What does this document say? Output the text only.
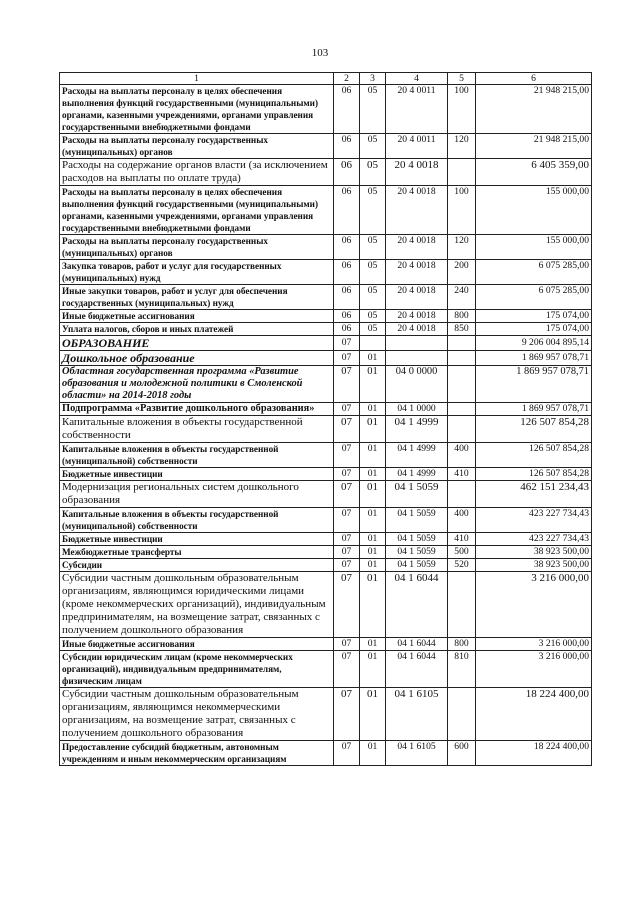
103
1	2	3	4	5	6
Расходы на выплаты персоналу в целях обеспечения выполнения функций государственными (муниципальными) органами, казенными учреждениями, органами управления государственными внебюджетными фондами	06	05	20 4 0011	100	21 948 215,00
Расходы на выплаты персоналу государственных (муниципальных) органов	06	05	20 4 0011	120	21 948 215,00
Расходы на содержание органов власти (за исключением расходов на выплаты по оплате труда)	06	05	20 4 0018		6 405 359,00
Расходы на выплаты персоналу в целях обеспечения выполнения функций государственными (муниципальными) органами, казенными учреждениями, органами управления государственными внебюджетными фондами	06	05	20 4 0018	100	155 000,00
Расходы на выплаты персоналу государственных (муниципальных) органов	06	05	20 4 0018	120	155 000,00
Закупка товаров, работ и услуг для государственных (муниципальных) нужд	06	05	20 4 0018	200	6 075 285,00
Иные закупки товаров, работ и услуг для обеспечения государственных (муниципальных) нужд	06	05	20 4 0018	240	6 075 285,00
Иные бюджетные ассигнования	06	05	20 4 0018	800	175 074,00
Уплата налогов, сборов и иных платежей	06	05	20 4 0018	850	175 074,00
ОБРАЗОВАНИЕ	07				9 206 004 895,14
Дошкольное образование	07	01			1 869 957 078,71
Областная государственная программа «Развитие образования и молодежной политики в Смоленской области» на 2014-2018 годы	07	01	04 0 0000		1 869 957 078,71
Подпрограмма «Развитие дошкольного образования»	07	01	04 1 0000		1 869 957 078,71
Капитальные вложения в объекты государственной собственности	07	01	04 1 4999		126 507 854,28
Капитальные вложения в объекты государственной (муниципальной) собственности	07	01	04 1 4999	400	126 507 854,28
Бюджетные инвестиции	07	01	04 1 4999	410	126 507 854,28
Модернизация региональных систем дошкольного образования	07	01	04 1 5059		462 151 234,43
Капитальные вложения в объекты государственной (муниципальной) собственности	07	01	04 1 5059	400	423 227 734,43
Бюджетные инвестиции	07	01	04 1 5059	410	423 227 734,43
Межбюджетные трансферты	07	01	04 1 5059	500	38 923 500,00
Субсидии	07	01	04 1 5059	520	38 923 500,00
Субсидии частным дошкольным образовательным организациям, являющимся юридическими лицами (кроме некоммерческих организаций), индивидуальным предпринимателям, на возмещение затрат, связанных с получением дошкольного образования	07	01	04 1 6044		3 216 000,00
Иные бюджетные ассигнования	07	01	04 1 6044	800	3 216 000,00
Субсидии юридическим лицам (кроме некоммерческих организаций), индивидуальным предпринимателям, физическим лицам	07	01	04 1 6044	810	3 216 000,00
Субсидии частным дошкольным образовательным организациям, являющимся некоммерческими организациям, на возмещение затрат, связанных с получением дошкольного образования	07	01	04 1 6105		18 224 400,00
Предоставление субсидий бюджетным, автономным учреждениям и иным некоммерческим организациям	07	01	04 1 6105	600	18 224 400,00
